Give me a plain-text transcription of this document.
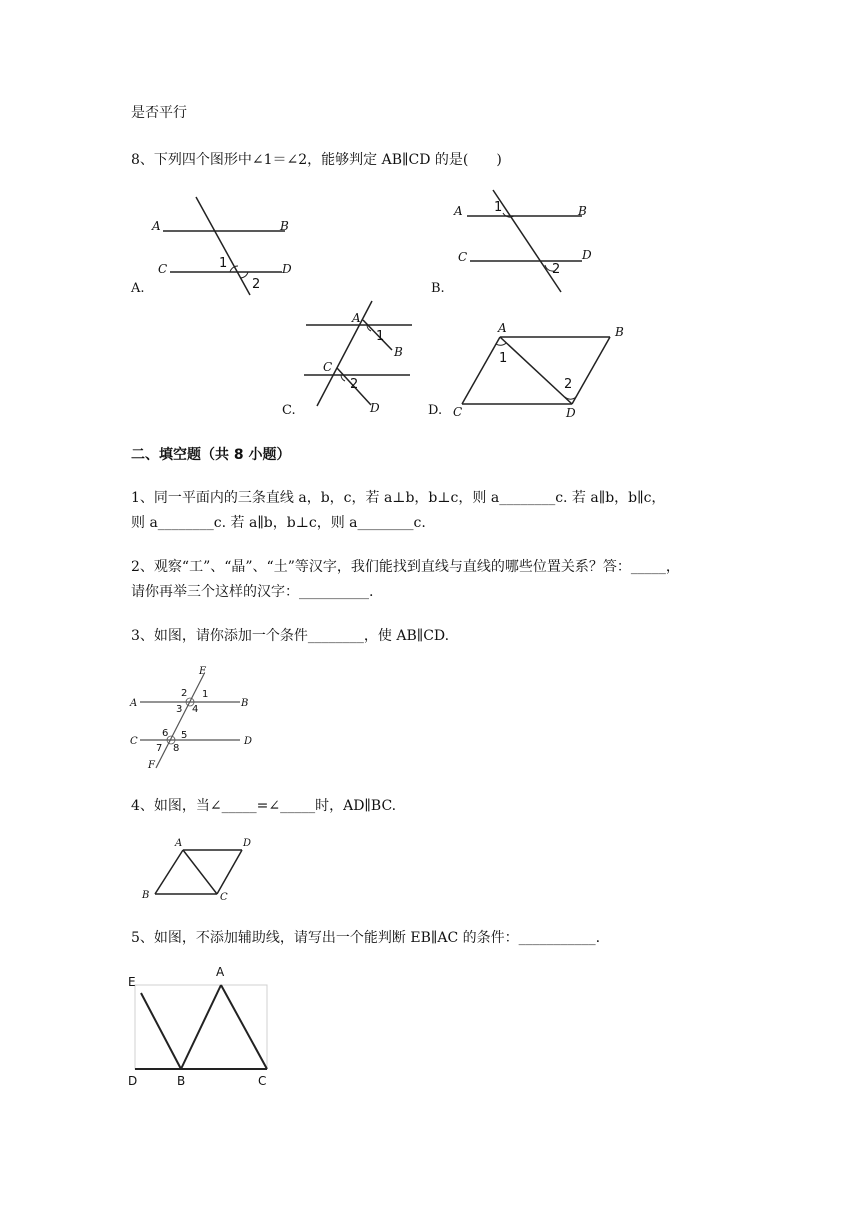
是否平行
8、下列四个图形中∠1＝∠2，能够判定 AB∥CD 的是(　　)
A	B
C	D
1
2
A.
A	B
C	D
1
2
B.
A
B
C
D
1
2
C.
A	B
C	D
1
2
D.
二、填空题（共 8 小题）
1、同一平面内的三条直线 a，b，c，若 a⊥b，b⊥c，则 a________c. 若 a∥b，b∥c，
则 a________c. 若 a∥b，b⊥c，则 a________c.
2、观察“工”、“晶”、“土”等汉字，我们能找到直线与直线的哪些位置关系？答：_____，
请你再举三个这样的汉字：__________.
3、如图，请你添加一个条件________，使 AB∥CD.
E
F
A	B
C	D
1
2
3 4
5
6
7 8
4、如图，当∠_____=∠_____时，AD∥BC.
A	D
B	C
5、如图，不添加辅助线，请写出一个能判断 EB∥AC 的条件：___________.
E
A
D	B	C
